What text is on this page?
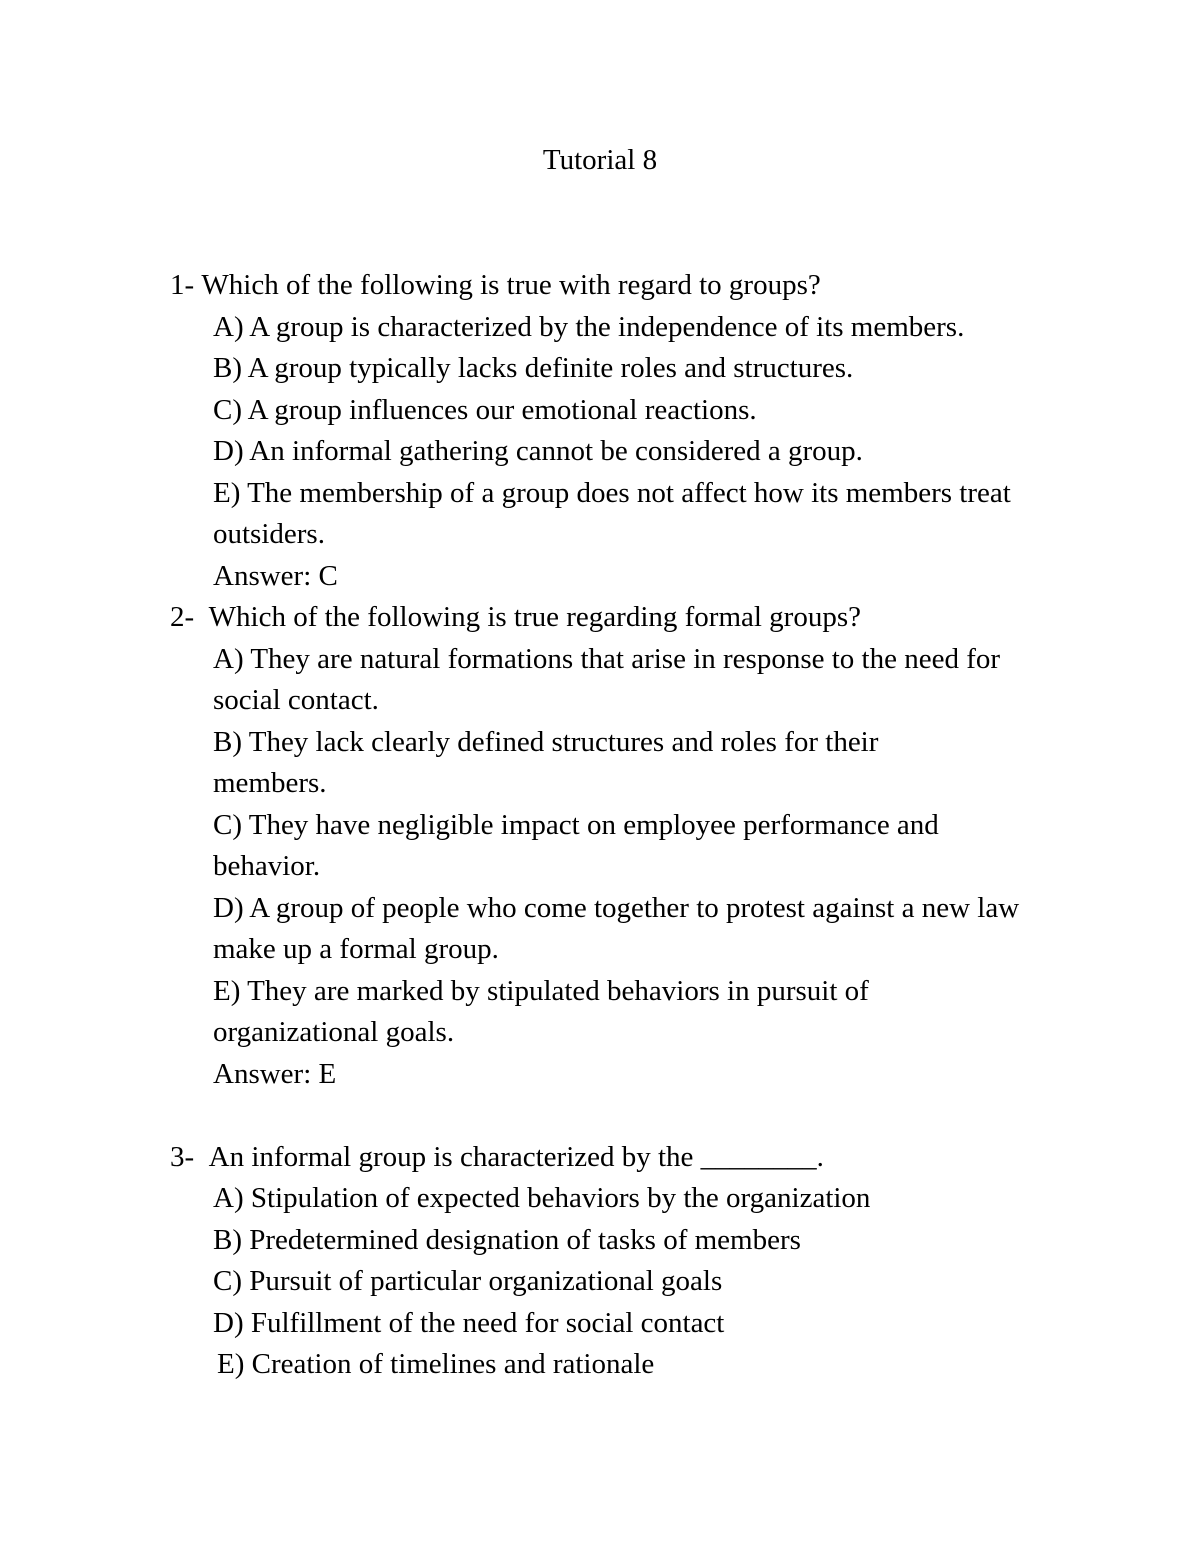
Tutorial 8
1- Which of the following is true with regard to groups?
A) A group is characterized by the independence of its members.
B) A group typically lacks definite roles and structures.
C) A group influences our emotional reactions.
D) An informal gathering cannot be considered a group.
E) The membership of a group does not affect how its members treat outsiders.
Answer: C
2- Which of the following is true regarding formal groups?
A) They are natural formations that arise in response to the need for social contact.
B) They lack clearly defined structures and roles for their members.
C) They have negligible impact on employee performance and behavior.
D) A group of people who come together to protest against a new law make up a formal group.
E) They are marked by stipulated behaviors in pursuit of organizational goals.
Answer: E
3- An informal group is characterized by the ________.
A) Stipulation of expected behaviors by the organization
B) Predetermined designation of tasks of members
C) Pursuit of particular organizational goals
D) Fulfillment of the need for social contact
E) Creation of timelines and rationale
